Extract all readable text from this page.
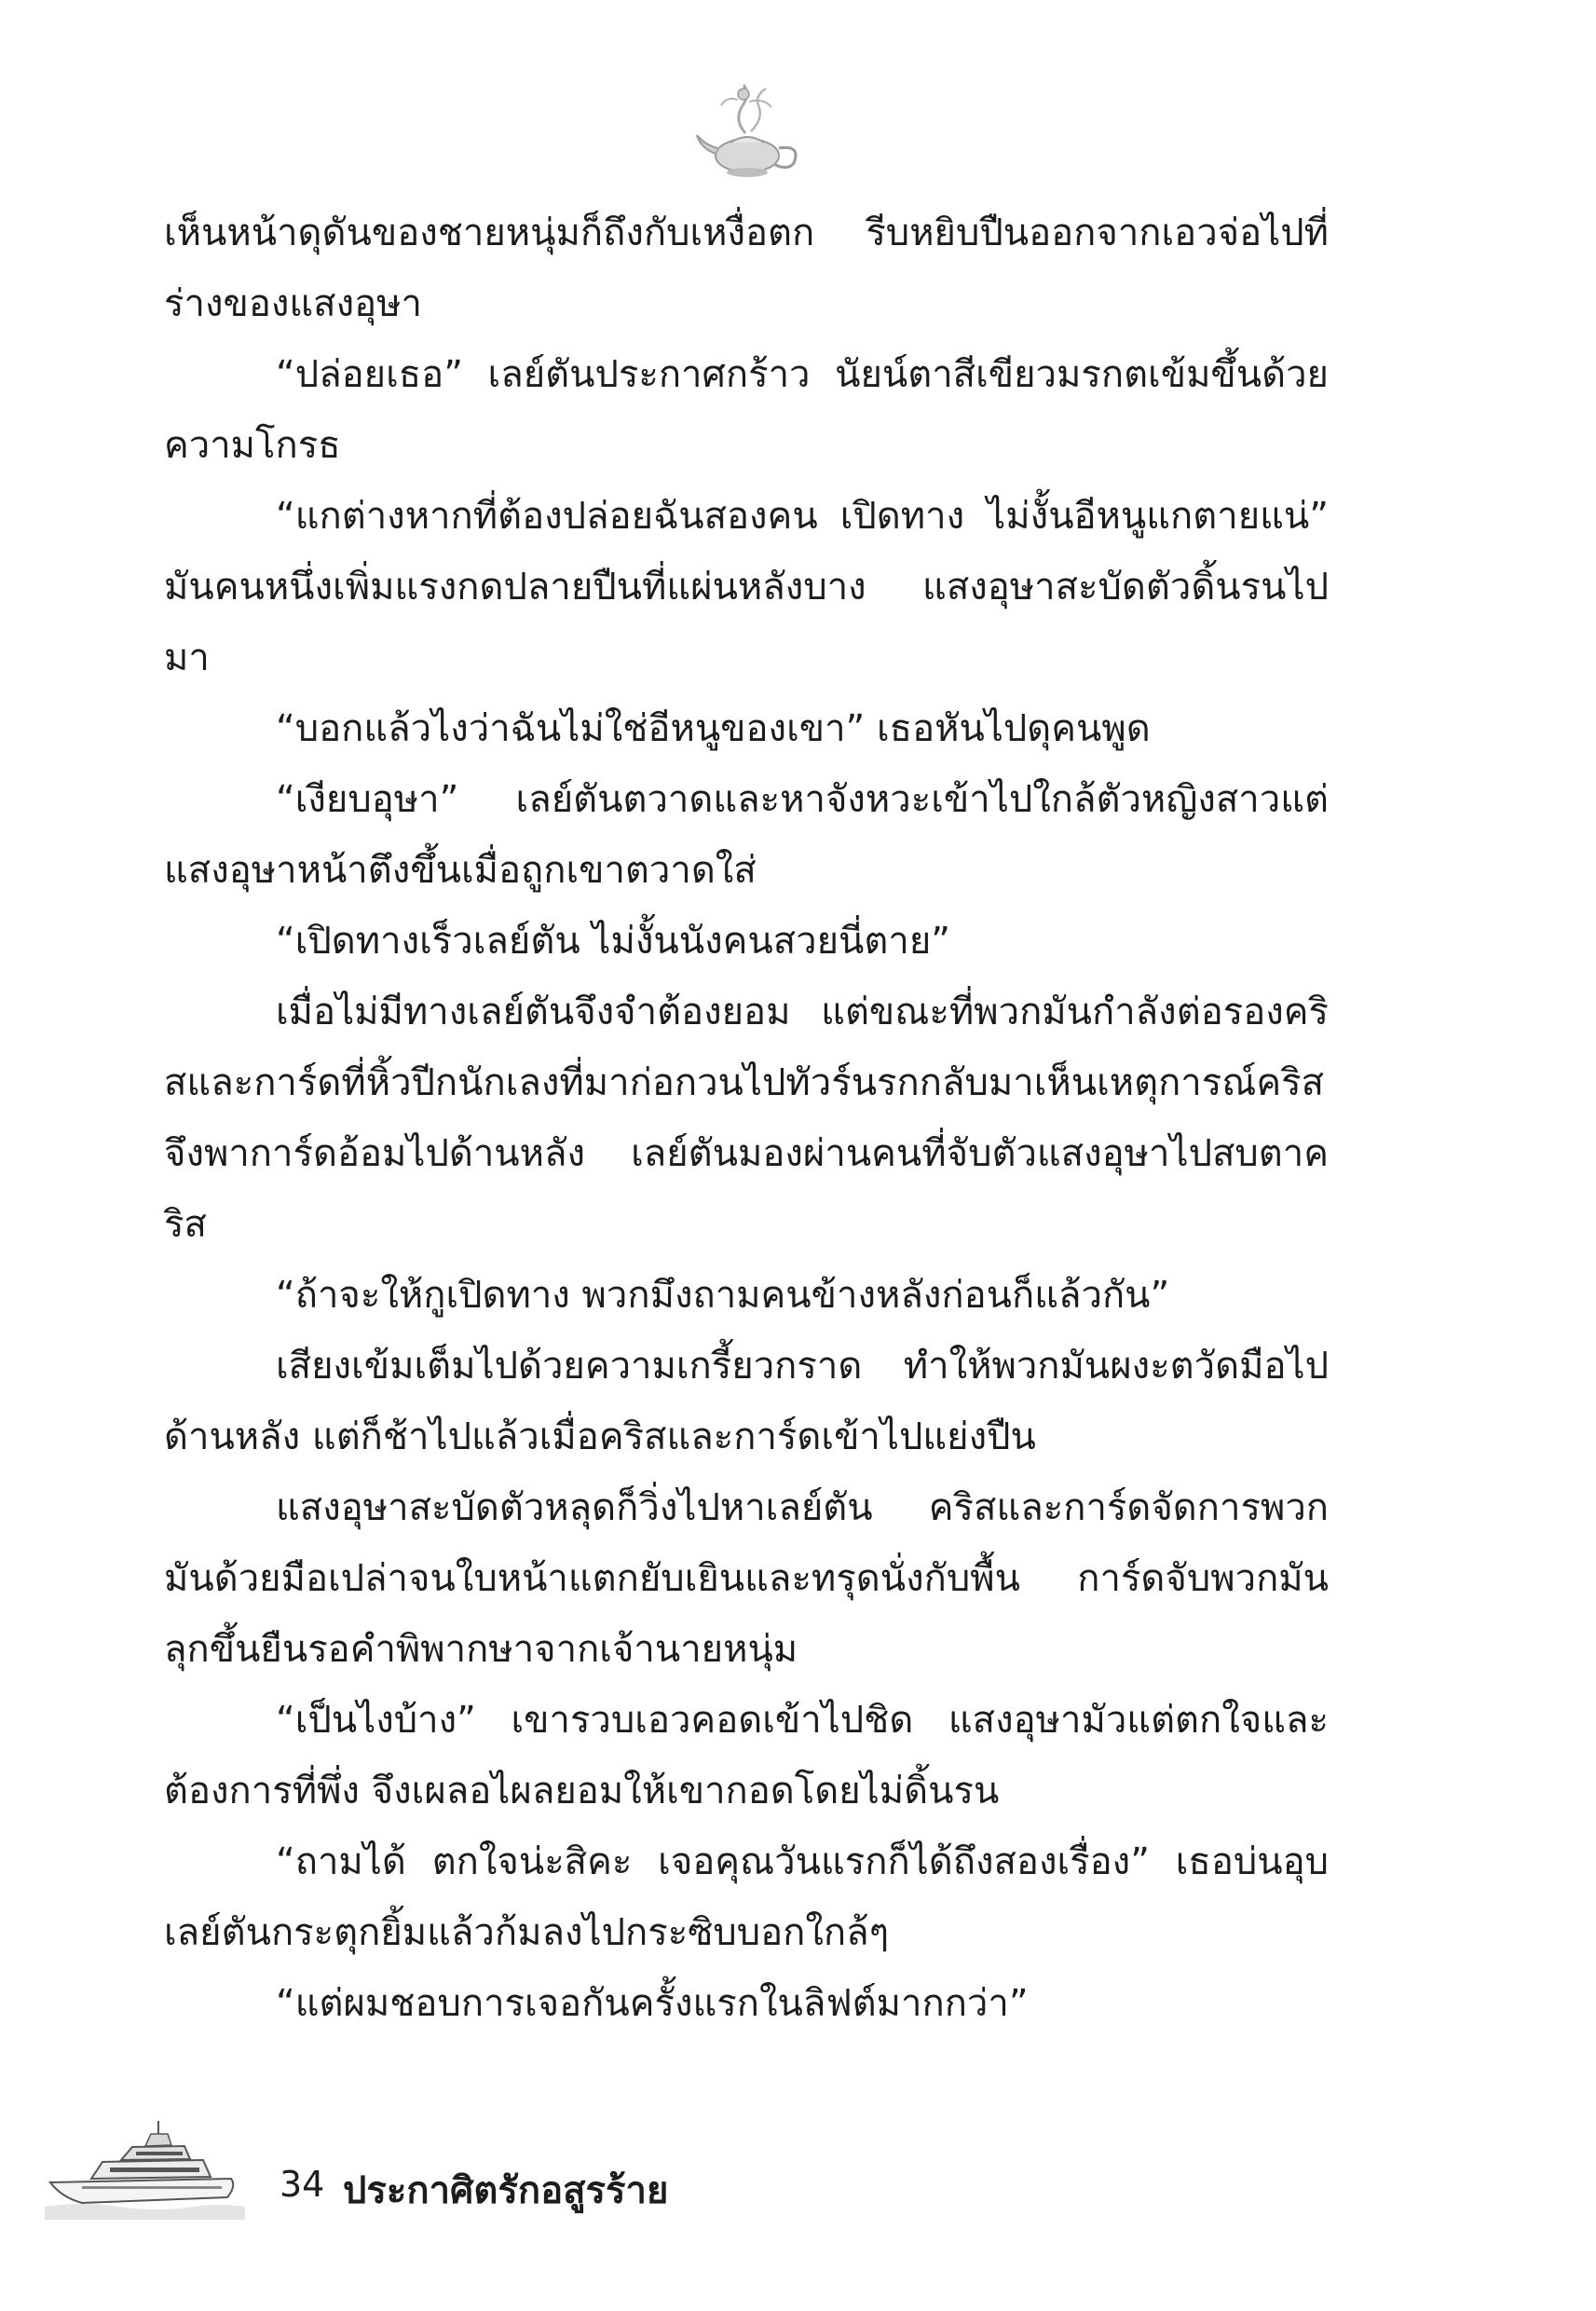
เห็นหน้าดุดันของชายหนุ่มก็ถึงกับเหงื่อตก รีบหยิบปืนออกจากเอวจ่อไปที่ร่างของแสงอุษา

“ปล่อยเธอ” เลย์ตันประกาศกร้าว นัยน์ตาสีเขียวมรกตเข้มขึ้นด้วยความโกรธ

“แกต่างหากที่ต้องปล่อยฉันสองคน เปิดทาง ไม่งั้นอีหนูแกตายแน่” มันคนหนึ่งเพิ่มแรงกดปลายปืนที่แผ่นหลังบาง แสงอุษาสะบัดตัวดิ้นรนไปมา

“บอกแล้วไงว่าฉันไม่ใช่อีหนูของเขา” เธอหันไปดุคนพูด

“เงียบอุษา” เลย์ตันตวาดและหาจังหวะเข้าไปใกล้ตัวหญิงสาวแต่แสงอุษาหน้าตึงขึ้นเมื่อถูกเขาตวาดใส่

“เปิดทางเร็วเลย์ตัน ไม่งั้นนังคนสวยนี่ตาย”

เมื่อไม่มีทางเลย์ตันจึงจำต้องยอม แต่ขณะที่พวกมันกำลังต่อรองคริสและการ์ดที่หิ้วปีกนักเลงที่มาก่อกวนไปทัวร์นรกกลับมาเห็นเหตุการณ์คริสจึงพาการ์ดอ้อมไปด้านหลัง เลย์ตันมองผ่านคนที่จับตัวแสงอุษาไปสบตาคริส

“ถ้าจะให้กูเปิดทาง พวกมึงถามคนข้างหลังก่อนก็แล้วกัน”

เสียงเข้มเต็มไปด้วยความเกรี้ยวกราด ทำให้พวกมันผงะตวัดมือไปด้านหลัง แต่ก็ช้าไปแล้วเมื่อคริสและการ์ดเข้าไปแย่งปืน

แสงอุษาสะบัดตัวหลุดก็วิ่งไปหาเลย์ตัน คริสและการ์ดจัดการพวกมันด้วยมือเปล่าจนใบหน้าแตกยับเยินและทรุดนั่งกับพื้น การ์ดจับพวกมันลุกขึ้นยืนรอคำพิพากษาจากเจ้านายหนุ่ม

“เป็นไงบ้าง” เขารวบเอวคอดเข้าไปชิด แสงอุษามัวแต่ตกใจและต้องการที่พึ่ง จึงเผลอไผลยอมให้เขากอดโดยไม่ดิ้นรน

“ถามได้ ตกใจน่ะสิคะ เจอคุณวันแรกก็ได้ถึงสองเรื่อง” เธอบ่นอุบเลย์ตันกระตุกยิ้มแล้วก้มลงไปกระซิบบอกใกล้ๆ

“แต่ผมชอบการเจอกันครั้งแรกในลิฟต์มากกว่า”

34 ประกาศิตรักอสูรร้าย
